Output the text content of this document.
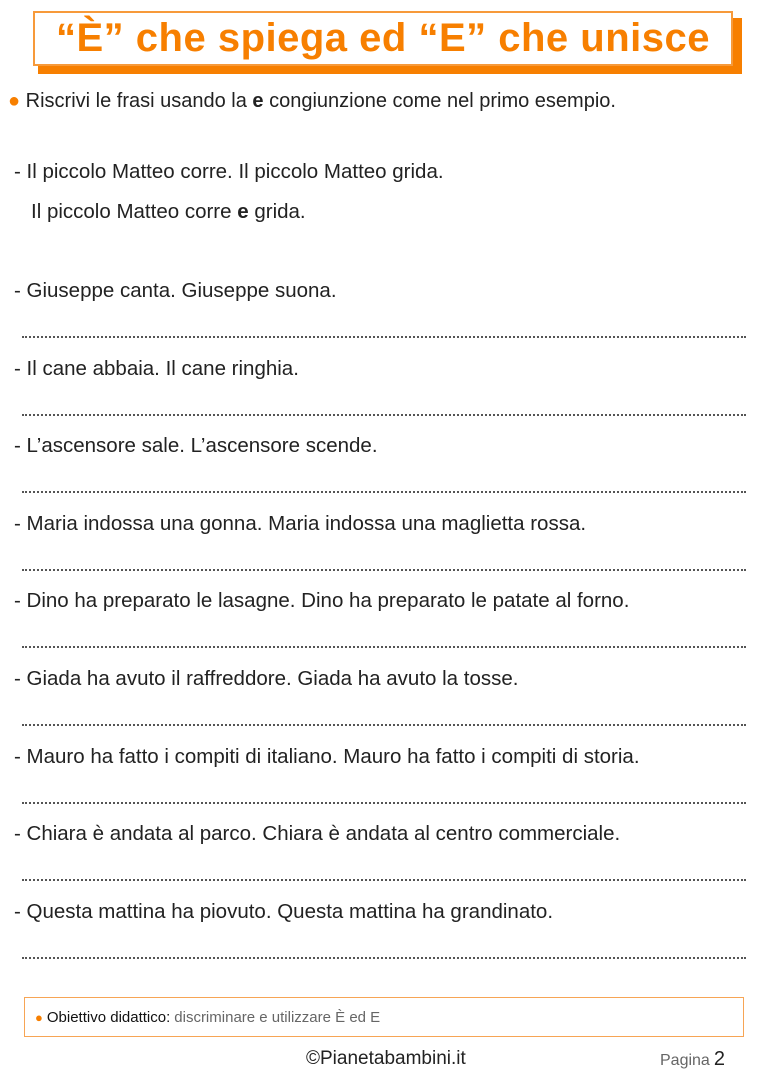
“È” che spiega ed “E” che unisce
● Riscrivi le frasi usando la e congiunzione come nel primo esempio.
- Il piccolo Matteo corre. Il piccolo Matteo grida.
Il piccolo Matteo corre e grida.
- Giuseppe canta. Giuseppe suona.
- Il cane abbaia. Il cane ringhia.
- L’ascensore sale. L’ascensore scende.
- Maria indossa una gonna. Maria indossa una maglietta rossa.
- Dino ha preparato le lasagne. Dino ha preparato le patate al forno.
- Giada ha avuto il raffreddore. Giada ha avuto la tosse.
- Mauro ha fatto i compiti di italiano. Mauro ha fatto i compiti di storia.
- Chiara è andata al parco. Chiara è andata al centro commerciale.
- Questa mattina ha piovuto. Questa mattina ha grandinato.
● Obiettivo didattico: discriminare e utilizzare È ed E
©Pianetabambini.it	Pagina 2
